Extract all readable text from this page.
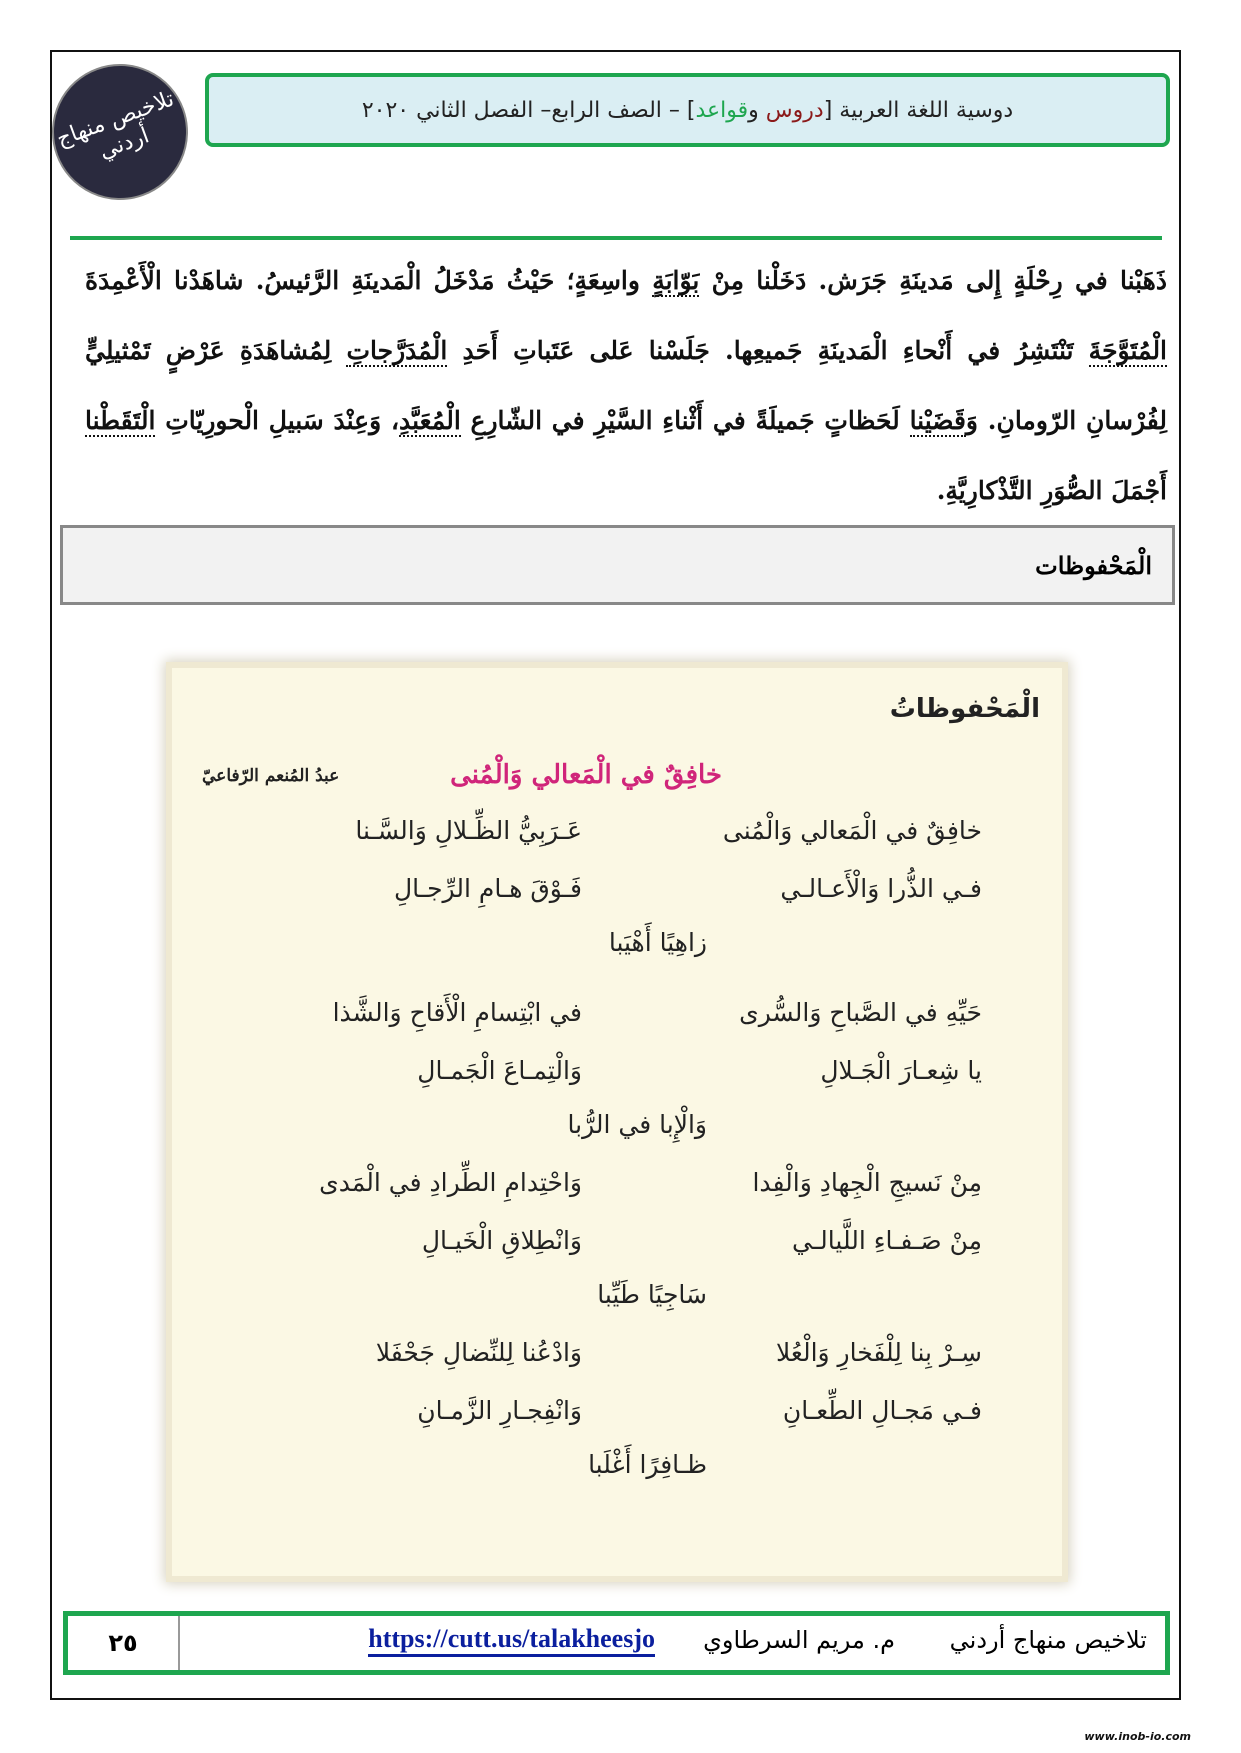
تلاخيص منهاج أردني
دوسية اللغة العربية [دروس وقواعد] – الصف الرابع– الفصل الثاني ٢٠٢٠
ذَهَبْنا في رِحْلَةٍ إِلى مَدينَةِ جَرَش. دَخَلْنا مِنْ بَوّابَةٍ واسِعَةٍ؛ حَيْثُ مَدْخَلُ الْمَدينَةِ الرَّئيسُ. شاهَدْنا الْأَعْمِدَةَ الْمُتَوَّجَةَ تَنْتَشِرُ في أَنْحاءِ الْمَدينَةِ جَميعِها. جَلَسْنا عَلى عَتَباتِ أَحَدِ الْمُدَرَّجاتِ لِمُشاهَدَةِ عَرْضٍ تَمْثيلِيٍّ لِفُرْسانِ الرّومانِ. وَقَضَيْنا لَحَظاتٍ جَميلَةً في أَثْناءِ السَّيْرِ في الشّارِعِ الْمُعَبَّدِ، وَعِنْدَ سَبيلِ الْحورِيّاتِ الْتَقَطْنا أَجْمَلَ الصُّوَرِ التَّذْكارِيَّةِ.
الْمَحْفوظات
الْمَحْفوظاتُ
خافِقٌ في الْمَعالي وَالْمُنى
عبدُ المُنعم الرّفاعيّ
خافِقٌ في الْمَعالي وَالْمُنى
عَـرَبِيُّ الظِّـلالِ وَالسَّـنا
فـي الذُّرا وَالْأَعـالـي
فَـوْقَ هـامِ الرِّجـالِ
زاهِيًا أَهْيَبا
حَيِّهِ في الصَّباحِ وَالسُّرى
في ابْتِسامِ الْأَقاحِ وَالشَّذا
يا شِعـارَ الْجَـلالِ
وَالْتِمـاعَ الْجَمـالِ
وَالْإِبا في الرُّبا
مِنْ نَسيجِ الْجِهادِ وَالْفِدا
وَاحْتِدامِ الطِّرادِ في الْمَدى
مِنْ صَـفـاءِ اللَّيالـي
وَانْطِلاقِ الْخَيـالِ
سَاجِيًا طَيِّبا
سِـرْ بِنا لِلْفَخارِ وَالْعُلا
وَادْعُنا لِلنِّضالِ جَحْفَلا
فـي مَجـالِ الطِّعـانِ
وَانْفِجـارِ الزَّمـانِ
ظـافِرًا أَغْلَبا
تلاخيص منهاج أردني
م. مريم السرطاوي
https://cutt.us/talakheesjo
٢٥
www.inob-io.com
